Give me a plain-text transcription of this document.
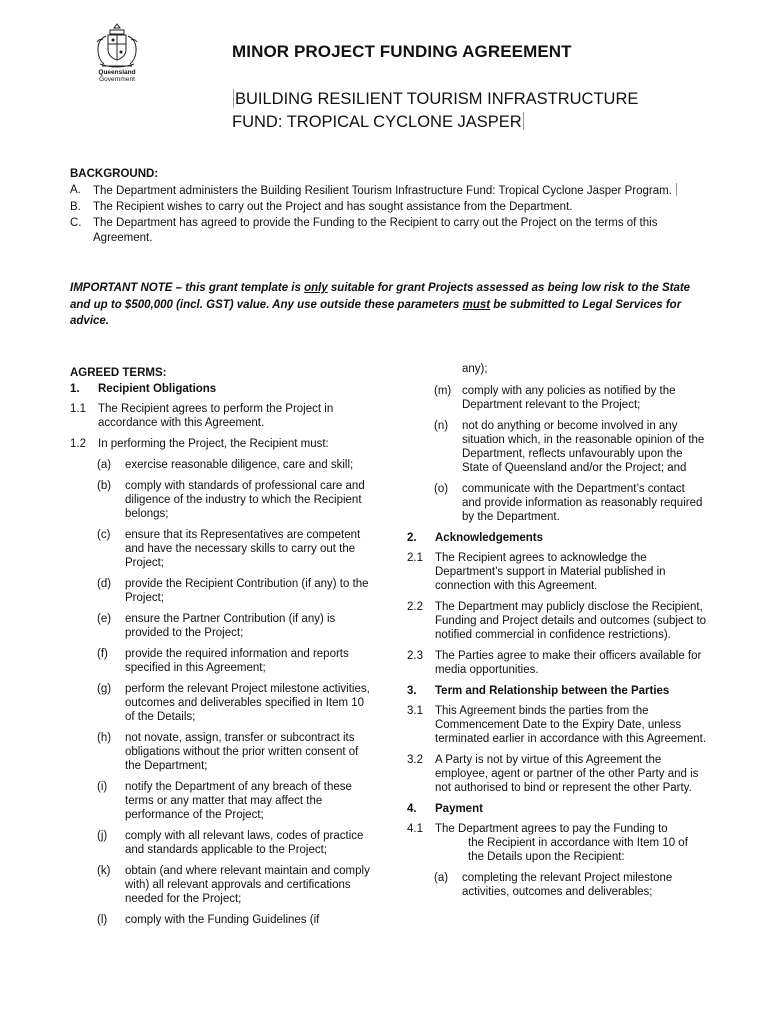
Queensland
Government
MINOR PROJECT FUNDING AGREEMENT
BUILDING RESILIENT TOURISM INFRASTRUCTURE FUND: TROPICAL CYCLONE JASPER
BACKGROUND:
A.	The Department administers the Building Resilient Tourism Infrastructure Fund: Tropical Cyclone Jasper Program.
B.	The Recipient wishes to carry out the Project and has sought assistance from the Department.
C.	The Department has agreed to provide the Funding to the Recipient to carry out the Project on the terms of this Agreement.
IMPORTANT NOTE – this grant template is only suitable for grant Projects assessed as being low risk to the State and up to $500,000 (incl. GST) value. Any use outside these parameters must be submitted to Legal Services for advice.
AGREED TERMS:
1.	Recipient Obligations
1.1	The Recipient agrees to perform the Project in accordance with this Agreement.
1.2	In performing the Project, the Recipient must:
(a)	exercise reasonable diligence, care and skill;
(b)	comply with standards of professional care and diligence of the industry to which the Recipient belongs;
(c)	ensure that its Representatives are competent and have the necessary skills to carry out the Project;
(d)	provide the Recipient Contribution (if any) to the Project;
(e)	ensure the Partner Contribution (if any) is provided to the Project;
(f)	provide the required information and reports specified in this Agreement;
(g)	perform the relevant Project milestone activities, outcomes and deliverables specified in Item 10 of the Details;
(h)	not novate, assign, transfer or subcontract its obligations without the prior written consent of the Department;
(i)	notify the Department of any breach of these terms or any matter that may affect the performance of the Project;
(j)	comply with all relevant laws, codes of practice and standards applicable to the Project;
(k)	obtain (and where relevant maintain and comply with) all relevant approvals and certifications needed for the Project;
(l)	comply with the Funding Guidelines (if
any);
(m) comply with any policies as notified by the Department relevant to the Project;
(n)	not do anything or become involved in any situation which, in the reasonable opinion of the Department, reflects unfavourably upon the State of Queensland and/or the Project; and
(o)	communicate with the Department’s contact and provide information as reasonably required by the Department.
2.	Acknowledgements
2.1	The Recipient agrees to acknowledge the Department’s support in Material published in connection with this Agreement.
2.2	The Department may publicly disclose the Recipient, Funding and Project details and outcomes (subject to notified commercial in confidence restrictions).
2.3	The Parties agree to make their officers available for media opportunities.
3.	Term and Relationship between the Parties
3.1	This Agreement binds the parties from the Commencement Date to the Expiry Date, unless terminated earlier in accordance with this Agreement.
3.2	A Party is not by virtue of this Agreement the employee, agent or partner of the other Party and is not authorised to bind or represent the other Party.
4.	Payment
4.1	The Department agrees to pay the Funding to

the Recipient in accordance with Item 10 of the Details upon the Recipient:
(a)	completing the relevant Project milestone activities, outcomes and deliverables;
